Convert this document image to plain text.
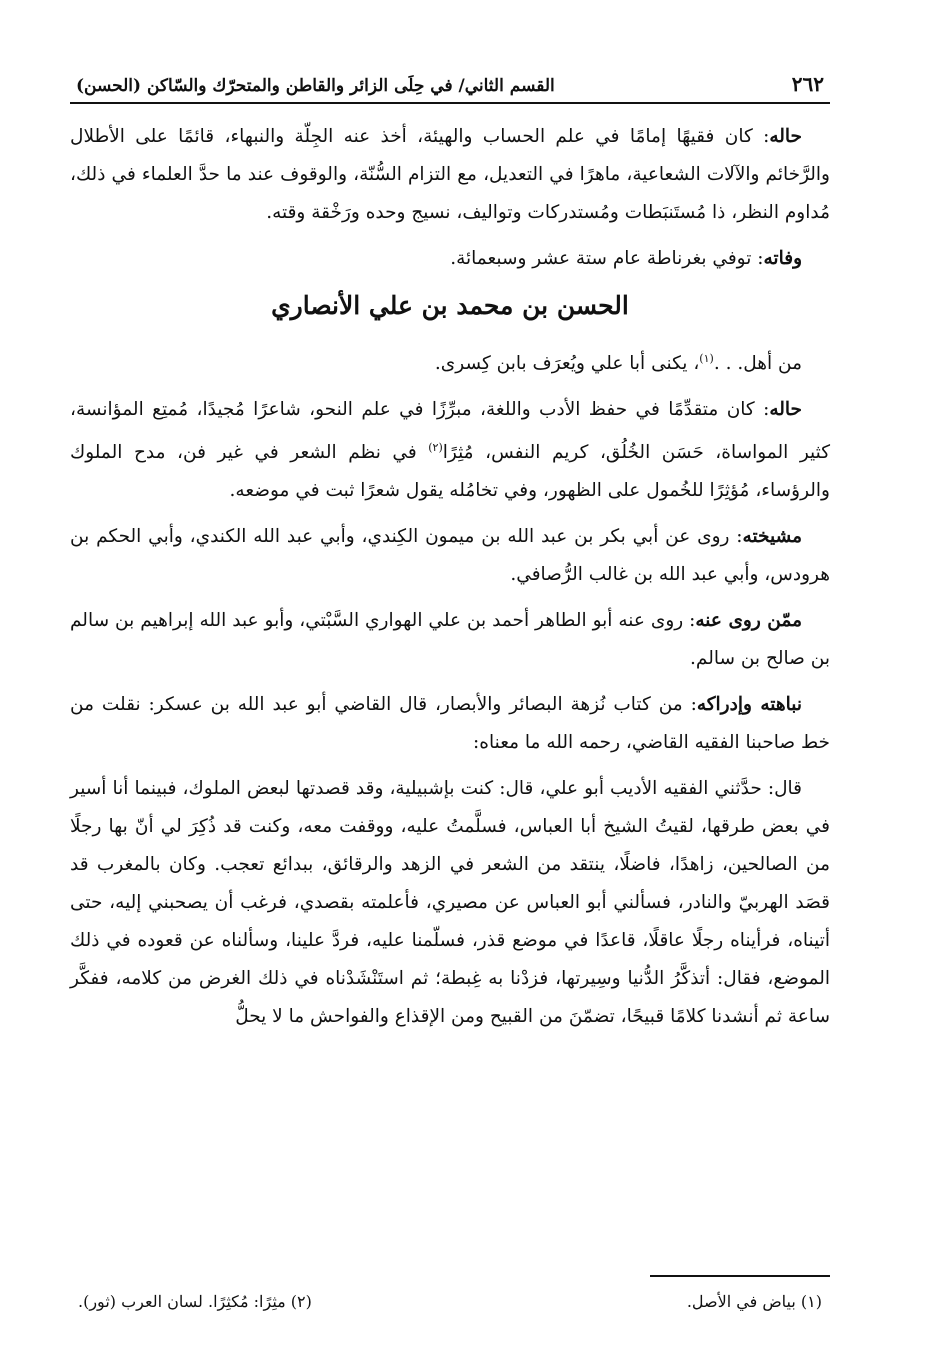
٢٦٢
القسم الثاني/ في حِلَى الزائر والقاطن والمتحرّك والسّاكن (الحسن)

حاله: كان فقيهًا إمامًا في علم الحساب والهيئة، أخذ عنه الجِلّة والنبهاء، قائمًا على الأطلال والرَّخائم والآلات الشعاعية، ماهرًا في التعديل، مع التزام السُّنّة، والوقوف عند ما حدَّ العلماء في ذلك، مُداوم النظر، ذا مُستَنبَطات ومُستدركات وتواليف، نسيج وحده ورَخْقة وقته.

وفاته: توفي بغرناطة عام ستة عشر وسبعمائة.

الحسن بن محمد بن علي الأنصاري

من أهل. . .$^{(١)}$، يكنى أبا علي ويُعرَف بابن كِسرى.

حاله: كان متقدِّمًا في حفظ الأدب واللغة، مبرِّزًا في علم النحو، شاعرًا مُجيدًا، مُمتِع المؤانسة، كثير المواساة، حَسَن الخُلُق، كريم النفس، مُثِرًا$^{(٢)}$ في نظم الشعر في غير فن، مدح الملوك والرؤساء، مُؤثِرًا للخُمول على الظهور، وفي تخامُله يقول شعرًا ثبت في موضعه.

مشيخته: روى عن أبي بكر بن عبد الله بن ميمون الكِندي، وأبي عبد الله الكندي، وأبي الحكم بن هرودس، وأبي عبد الله بن غالب الرُّصافي.

ممّن روى عنه: روى عنه أبو الطاهر أحمد بن علي الهواري السَّبْتي، وأبو عبد الله إبراهيم بن سالم بن صالح بن سالم.

نباهته وإدراكه: من كتاب نُزهة البصائر والأبصار، قال القاضي أبو عبد الله بن عسكر: نقلت من خط صاحبنا الفقيه القاضي، رحمه الله ما معناه:

قال: حدَّثني الفقيه الأديب أبو علي، قال: كنت بإشبيلية، وقد قصدتها لبعض الملوك، فبينما أنا أسير في بعض طرقها، لقيتُ الشيخ أبا العباس، فسلَّمتُ عليه، ووقفت معه، وكنت قد ذُكِرَ لي أنّ بها رجلًا من الصالحين، زاهدًا، فاضلًا، ينتقد من الشعر في الزهد والرقائق، ببدائع تعجب. وكان بالمغرب قد قصَد الهربيّ والنادر، فسألني أبو العباس عن مصيري، فأعلمته بقصدي، فرغب أن يصحبني إليه، حتى أتيناه، فرأيناه رجلًا عاقلًا، قاعدًا في موضع قذر، فسلّمنا عليه، فردَّ علينا، وسألناه عن قعوده في ذلك الموضع، فقال: أتذكَّرُ الدُّنيا وسِيرتها، فزدْنا به غِبطة؛ ثم استَنْشَدْناه في ذلك الغرض من كلامه، ففكَّر ساعة ثم أنشدنا كلامًا قبيحًا، تضمّنَ من القبيح ومن الإقذاع والفواحش ما لا يحلُّ

(١) بياض في الأصل.
(٢) مثِرًا: مُكثِرًا. لسان العرب (ثور).
